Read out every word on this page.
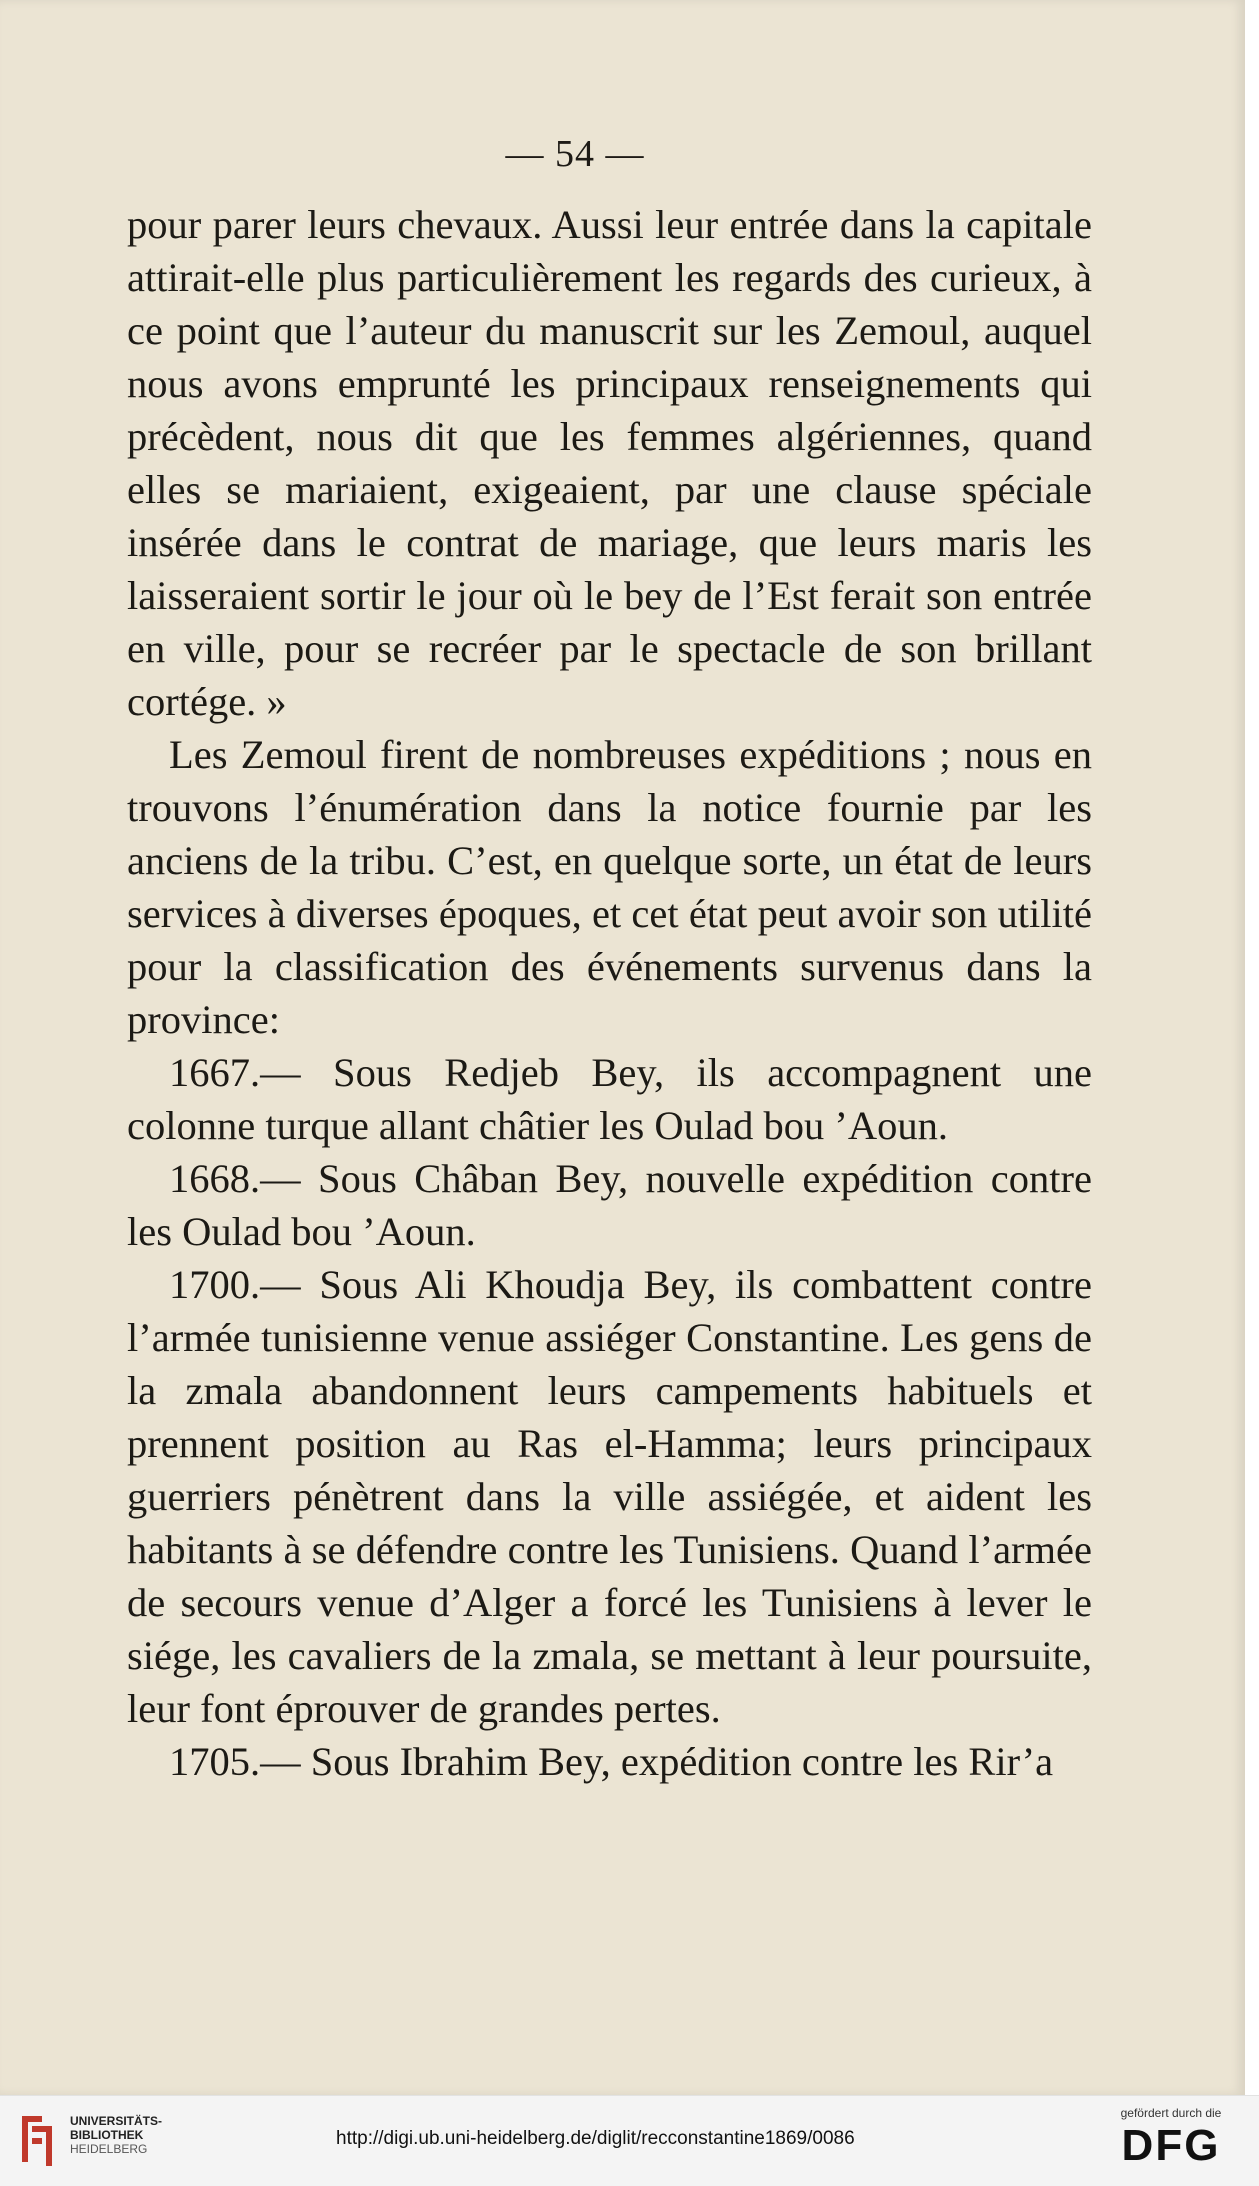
— 54 —

pour parer leurs chevaux. Aussi leur entrée dans la capitale attirait-elle plus particulièrement les regards des curieux, à ce point que l’auteur du manuscrit sur les Zemoul, auquel nous avons emprunté les principaux renseignements qui précèdent, nous dit que les femmes algériennes, quand elles se mariaient, exigeaient, par une clause spéciale insérée dans le contrat de mariage, que leurs maris les laisseraient sortir le jour où le bey de l’Est ferait son entrée en ville, pour se recréer par le spectacle de son brillant cortége. »

Les Zemoul firent de nombreuses expéditions ; nous en trouvons l’énumération dans la notice fournie par les anciens de la tribu. C’est, en quelque sorte, un état de leurs services à diverses époques, et cet état peut avoir son utilité pour la classification des événements survenus dans la province:

1667.— Sous Redjeb Bey, ils accompagnent une colonne turque allant châtier les Oulad bou ’Aoun.

1668.— Sous Châban Bey, nouvelle expédition contre les Oulad bou ’Aoun.

1700.— Sous Ali Khoudja Bey, ils combattent contre l’armée tunisienne venue assiéger Constantine. Les gens de la zmala abandonnent leurs campements habituels et prennent position au Ras el-Hamma; leurs principaux guerriers pénètrent dans la ville assiégée, et aident les habitants à se défendre contre les Tunisiens. Quand l’armée de secours venue d’Alger a forcé les Tunisiens à lever le siége, les cavaliers de la zmala, se mettant à leur poursuite, leur font éprouver de grandes pertes.

1705.— Sous Ibrahim Bey, expédition contre les Rir’a

UNIVERSITÄTS-
BIBLIOTHEK
HEIDELBERG	http://digi.ub.uni-heidelberg.de/diglit/recconstantine1869/0086
gefördert durch die
DFG
